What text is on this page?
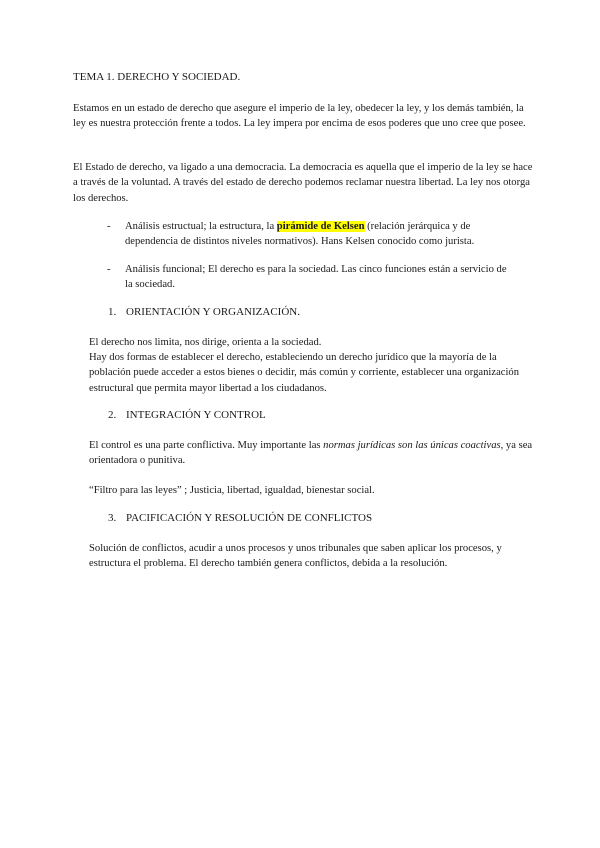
TEMA 1. DERECHO Y SOCIEDAD.

Estamos en un estado de derecho que asegure el imperio de la ley, obedecer la ley, y los demás también, la ley es nuestra protección frente a todos. La ley impera por encima de esos poderes que uno cree que posee.

El Estado de derecho, va ligado a una democracia. La democracia es aquella que el imperio de la ley se hace a través de la voluntad. A través del estado de derecho podemos reclamar nuestra libertad. La ley nos otorga los derechos.

- Análisis estructual; la estructura, la pirámide de Kelsen (relación jerárquica y de dependencia de distintos niveles normativos). Hans Kelsen conocido como jurista.
- Análisis funcional; El derecho es para la sociedad. Las cinco funciones están a servicio de la sociedad.
1. ORIENTACIÓN Y ORGANIZACIÓN.

El derecho nos limita, nos dirige, orienta a la sociedad.

Hay dos formas de establecer el derecho, estableciendo un derecho jurídico que la mayoría de la población puede acceder a estos bienes o decidir, más común y corriente, establecer una organización estructural que permita mayor libertad a los ciudadanos.

2. INTEGRACIÓN Y CONTROL

El control es una parte conflictiva. Muy importante las normas jurídicas son las únicas coactivas, ya sea orientadora o punitiva.

“Filtro para las leyes” ; Justicia, libertad, igualdad, bienestar social.

3. PACIFICACIÓN Y RESOLUCIÓN DE CONFLICTOS

Solución de conflictos, acudir a unos procesos y unos tribunales que saben aplicar los procesos, y estructura el problema. El derecho también genera conflictos, debida a la resolución.
